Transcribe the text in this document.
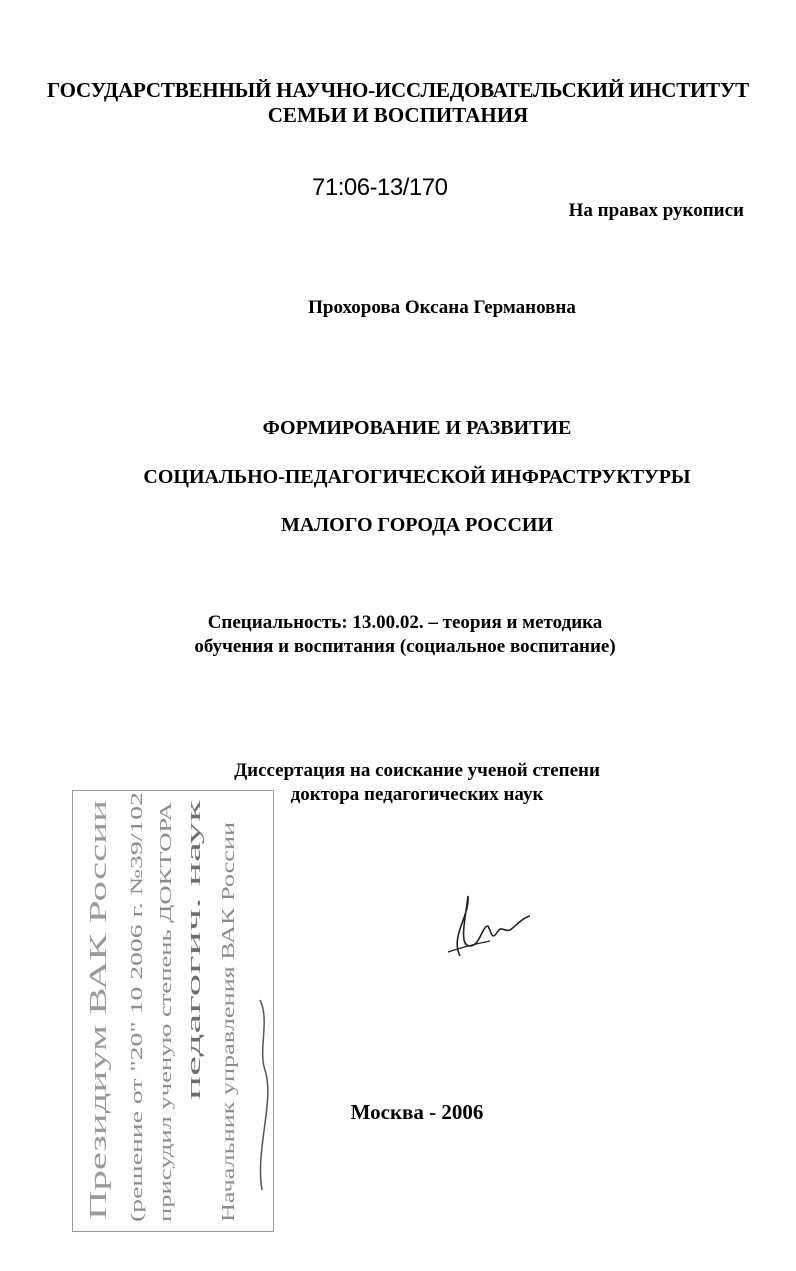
ГОСУДАРСТВЕННЫЙ НАУЧНО-ИССЛЕДОВАТЕЛЬСКИЙ ИНСТИТУТ
СЕМЬИ И ВОСПИТАНИЯ
71:06-13/170
На правах рукописи
Прохорова Оксана Германовна
ФОРМИРОВАНИЕ И РАЗВИТИЕ
СОЦИАЛЬНО-ПЕДАГОГИЧЕСКОЙ ИНФРАСТРУКТУРЫ
МАЛОГО ГОРОДА РОССИИ
Специальность: 13.00.02. – теория и методика
обучения и воспитания (социальное воспитание)
Диссертация на соискание ученой степени
доктора педагогических наук
Президиум ВАК России (решение от "20" 10 2006 г. №39/102 присудил ученую степень ДОКТОРА педагогич. наук Начальник управления ВАК России	Москва - 2006
